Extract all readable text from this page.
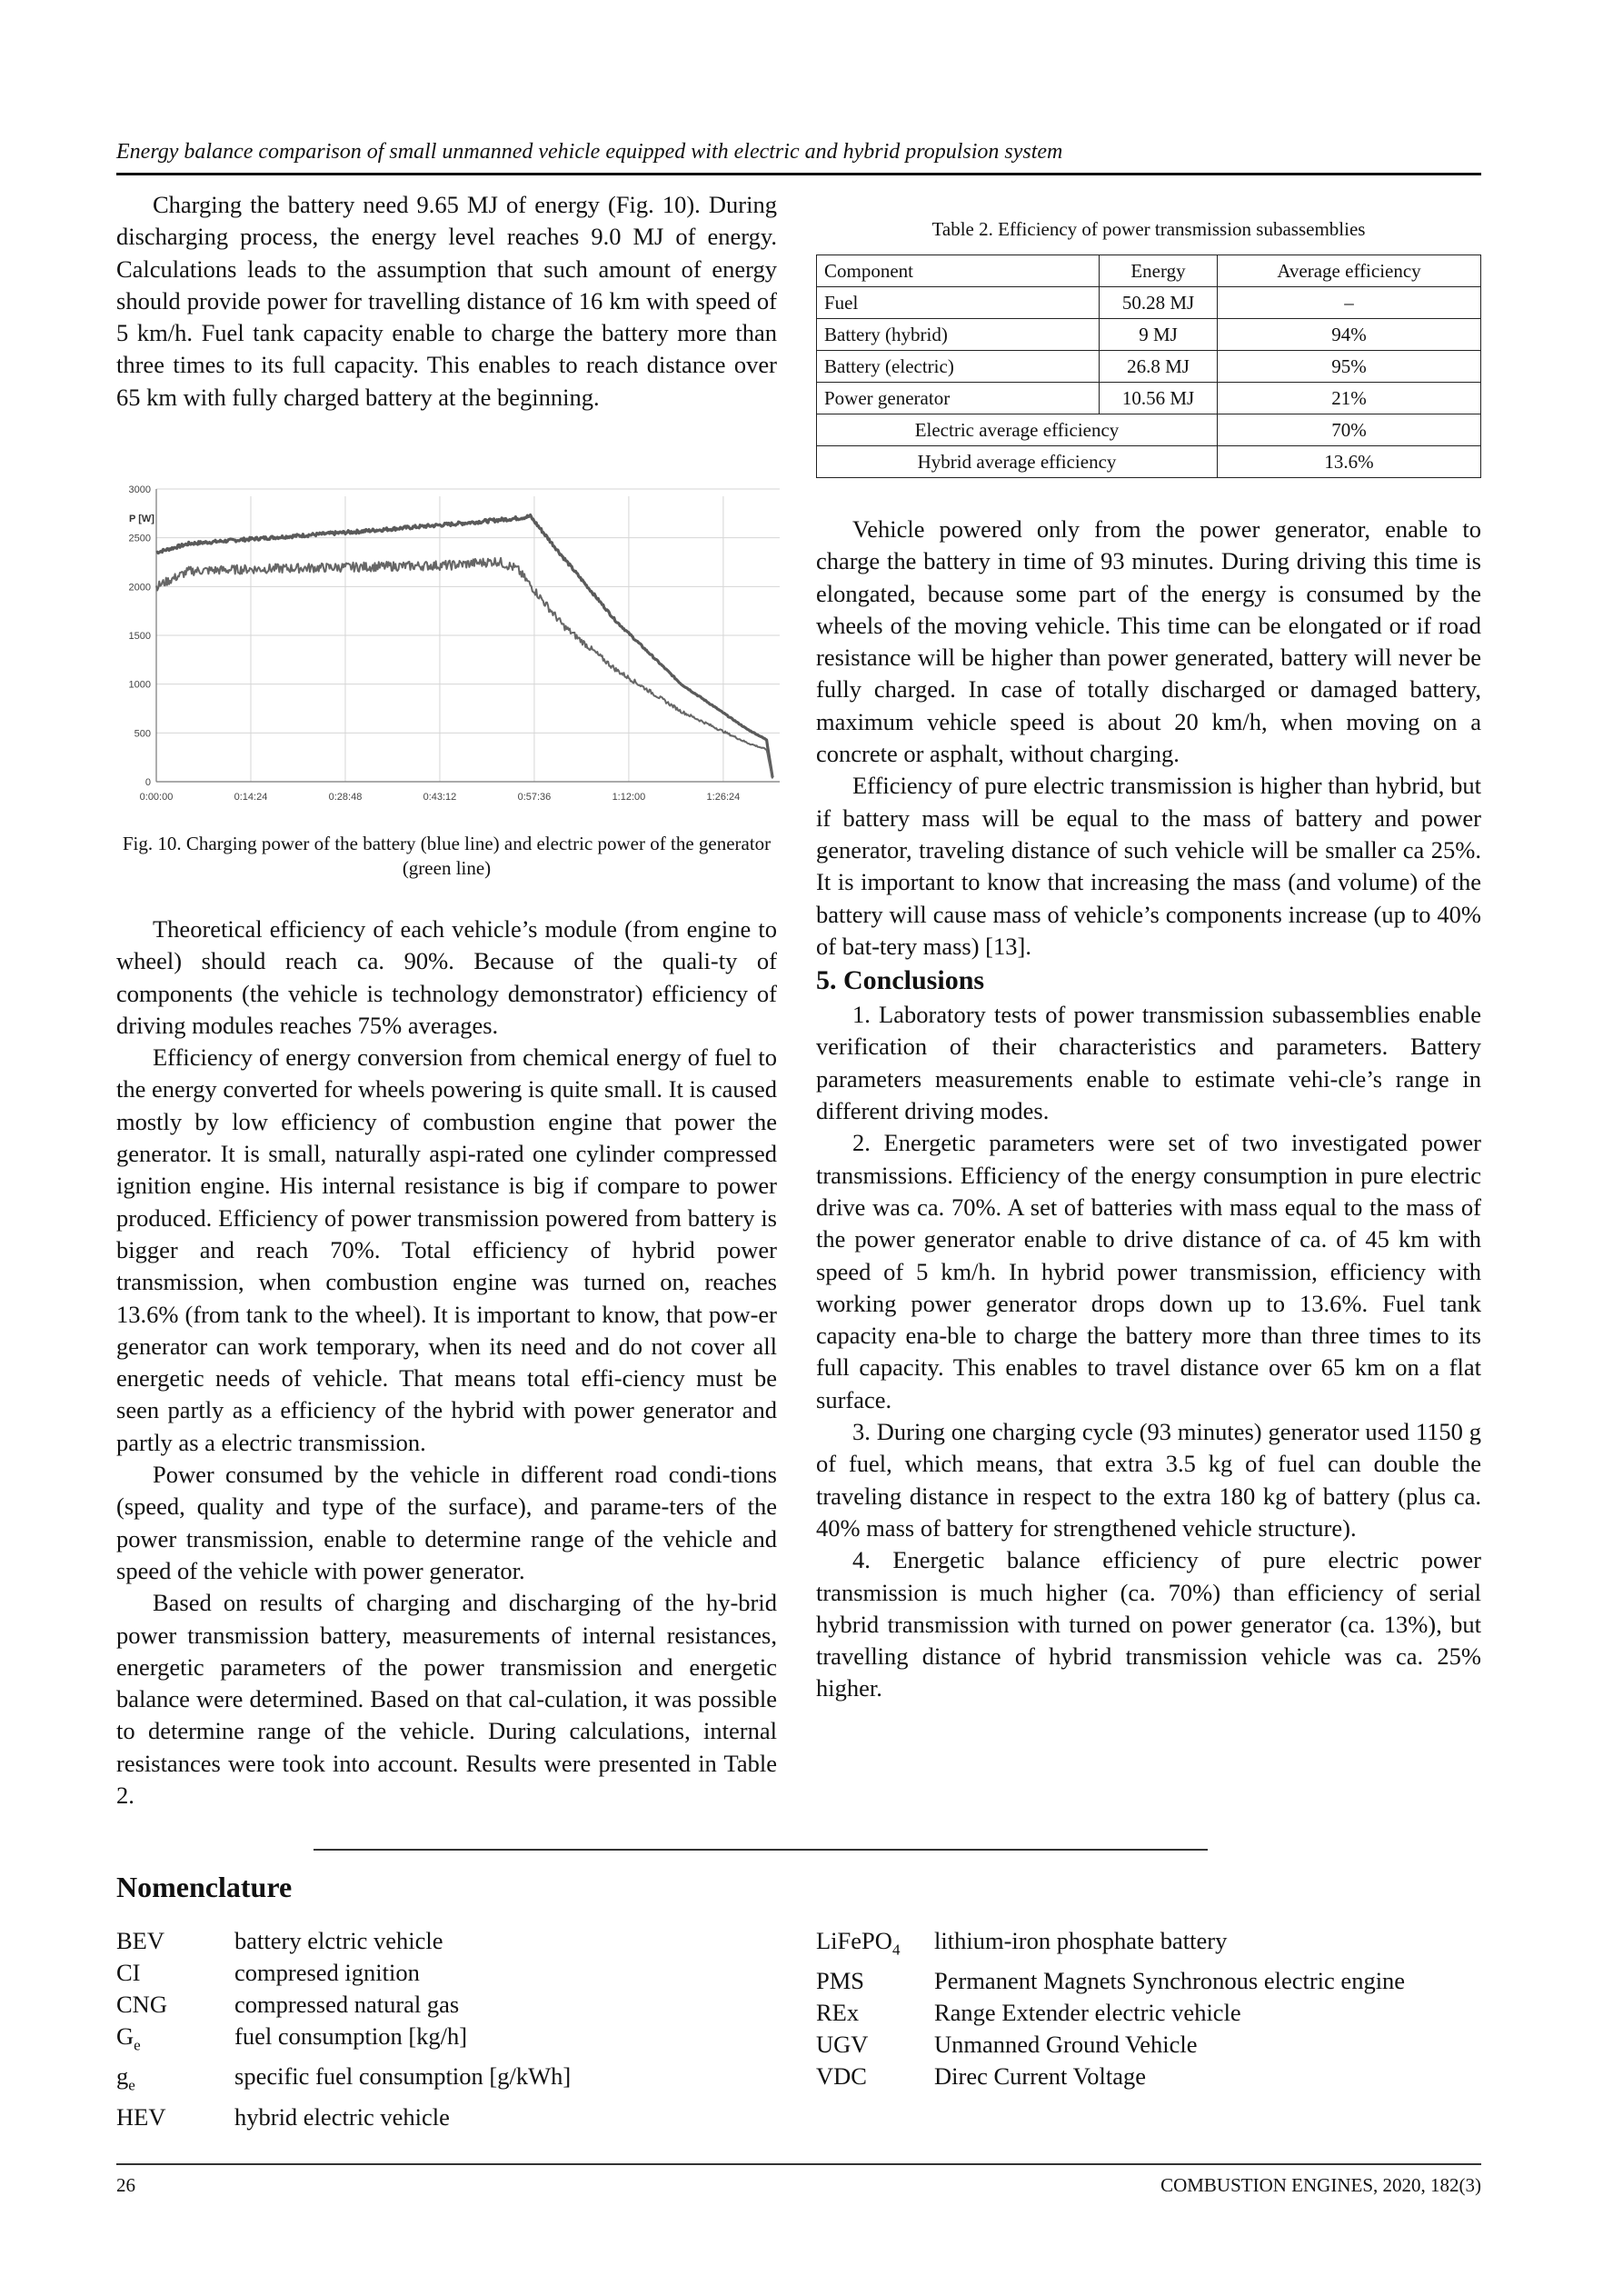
Energy balance comparison of small unmanned vehicle equipped with electric and hybrid propulsion system

Charging the battery need 9.65 MJ of energy (Fig. 10). During discharging process, the energy level reaches 9.0 MJ of energy. Calculations leads to the assumption that such amount of energy should provide power for travelling distance of 16 km with speed of 5 km/h. Fuel tank capacity enable to charge the battery more than three times to its full capacity. This enables to reach distance over 65 km with fully charged battery at the beginning.

Table 2. Efficiency of power transmission subassemblies
Component	Energy	Average efficiency
Fuel	50.28 MJ	–
Battery (hybrid)	9 MJ	94%
Battery (electric)	26.8 MJ	95%
Power generator	10.56 MJ	21%
Electric average efficiency		70%
Hybrid average efficiency		13.6%
0
500
1000
1500
2000
2500
3000
0:00:00	0:14:24	0:28:48	0:43:12	0:57:36	1:12:00	1:26:24
P [W]
Fig. 10. Charging power of the battery (blue line) and electric power of the generator (green line)

Theoretical efficiency of each vehicle’s module (from engine to wheel) should reach ca. 90%. Because of the quali-ty of components (the vehicle is technology demonstrator) efficiency of driving modules reaches 75% averages.

Efficiency of energy conversion from chemical energy of fuel to the energy converted for wheels powering is quite small. It is caused mostly by low efficiency of combustion engine that power the generator. It is small, naturally aspi-rated one cylinder compressed ignition engine. His internal resistance is big if compare to power produced. Efficiency of power transmission powered from battery is bigger and reach 70%. Total efficiency of hybrid power transmission, when combustion engine was turned on, reaches 13.6% (from tank to the wheel). It is important to know, that pow-er generator can work temporary, when its need and do not cover all energetic needs of vehicle. That means total effi-ciency must be seen partly as a efficiency of the hybrid with power generator and partly as a electric transmission.

Power consumed by the vehicle in different road condi-tions (speed, quality and type of the surface), and parame-ters of the power transmission, enable to determine range of the vehicle and speed of the vehicle with power generator.

Based on results of charging and discharging of the hy-brid power transmission battery, measurements of internal resistances, energetic parameters of the power transmission and energetic balance were determined. Based on that cal-culation, it was possible to determine range of the vehicle. During calculations, internal resistances were took into account. Results were presented in Table 2.

Vehicle powered only from the power generator, enable to charge the battery in time of 93 minutes. During driving this time is elongated, because some part of the energy is consumed by the wheels of the moving vehicle. This time can be elongated or if road resistance will be higher than power generated, battery will never be fully charged. In case of totally discharged or damaged battery, maximum vehicle speed is about 20 km/h, when moving on a concrete or asphalt, without charging.

Efficiency of pure electric transmission is higher than hybrid, but if battery mass will be equal to the mass of battery and power generator, traveling distance of such vehicle will be smaller ca 25%. It is important to know that increasing the mass (and volume) of the battery will cause mass of vehicle’s components increase (up to 40% of bat-tery mass) [13].

5. Conclusions

1. Laboratory tests of power transmission subassemblies enable verification of their characteristics and parameters. Battery parameters measurements enable to estimate vehi-cle’s range in different driving modes.

2. Energetic parameters were set of two investigated power transmissions. Efficiency of the energy consumption in pure electric drive was ca. 70%. A set of batteries with mass equal to the mass of the power generator enable to drive distance of ca. of 45 km with speed of 5 km/h. In hybrid power transmission, efficiency with working power generator drops down up to 13.6%. Fuel tank capacity ena-ble to charge the battery more than three times to its full capacity. This enables to travel distance over 65 km on a flat surface.

3. During one charging cycle (93 minutes) generator used 1150 g of fuel, which means, that extra 3.5 kg of fuel can double the traveling distance in respect to the extra 180 kg of battery (plus ca. 40% mass of battery for strengthened vehicle structure).

4. Energetic balance efficiency of pure electric power transmission is much higher (ca. 70%) than efficiency of serial hybrid transmission with turned on power generator (ca. 13%), but travelling distance of hybrid transmission vehicle was ca. 25% higher.

Nomenclature
BEV	battery elctric vehicle
CI	compresed ignition
CNG	compressed natural gas
$G_e$	fuel consumption [kg/h]
$g_e$	specific fuel consumption [g/kWh]
HEV	hybrid electric vehicle
LiFePO$_4$	lithium-iron phosphate battery
PMS	Permanent Magnets Synchronous electric engine
REx	Range Extender electric vehicle
UGV	Unmanned Ground Vehicle
VDC	Direc Current Voltage
26	COMBUSTION ENGINES, 2020, 182(3)
